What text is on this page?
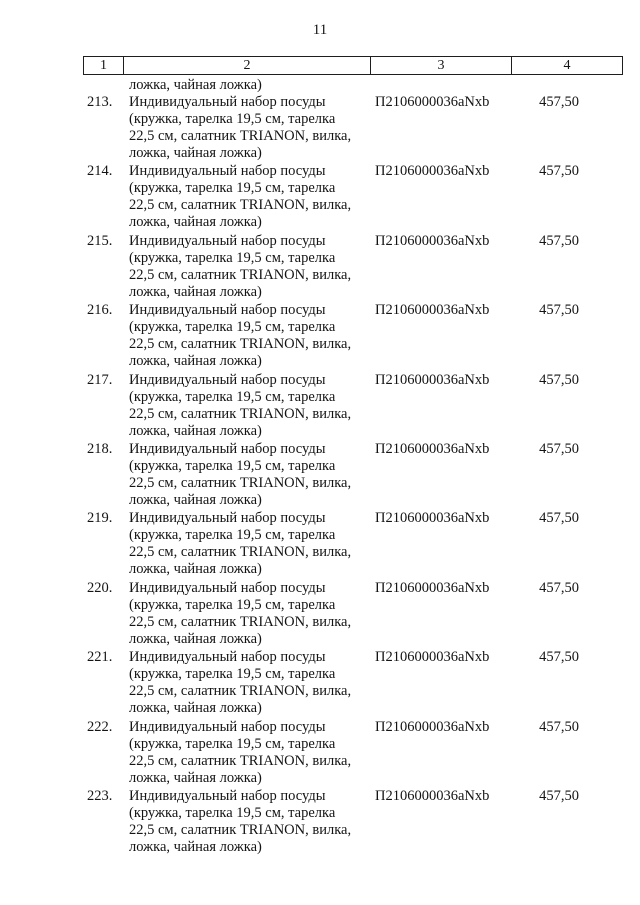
11
1	2	3	4
ложка, чайная ложка)
213. Индивидуальный набор посуды
(кружка, тарелка 19,5 см, тарелка
22,5 см, салатник TRIANON, вилка,
ложка, чайная ложка)
П2106000036aNxb	457,50
214. Индивидуальный набор посуды
(кружка, тарелка 19,5 см, тарелка
22,5 см, салатник TRIANON, вилка,
ложка, чайная ложка)
П2106000036aNxb	457,50
215. Индивидуальный набор посуды
(кружка, тарелка 19,5 см, тарелка
22,5 см, салатник TRIANON, вилка,
ложка, чайная ложка)
П2106000036aNxb	457,50
216. Индивидуальный набор посуды
(кружка, тарелка 19,5 см, тарелка
22,5 см, салатник TRIANON, вилка,
ложка, чайная ложка)
П2106000036aNxb	457,50
217. Индивидуальный набор посуды
(кружка, тарелка 19,5 см, тарелка
22,5 см, салатник TRIANON, вилка,
ложка, чайная ложка)
П2106000036aNxb	457,50
218. Индивидуальный набор посуды
(кружка, тарелка 19,5 см, тарелка
22,5 см, салатник TRIANON, вилка,
ложка, чайная ложка)
П2106000036aNxb	457,50
219. Индивидуальный набор посуды
(кружка, тарелка 19,5 см, тарелка
22,5 см, салатник TRIANON, вилка,
ложка, чайная ложка)
П2106000036aNxb	457,50
220. Индивидуальный набор посуды
(кружка, тарелка 19,5 см, тарелка
22,5 см, салатник TRIANON, вилка,
ложка, чайная ложка)
П2106000036aNxb	457,50
221. Индивидуальный набор посуды
(кружка, тарелка 19,5 см, тарелка
22,5 см, салатник TRIANON, вилка,
ложка, чайная ложка)
П2106000036aNxb	457,50
222. Индивидуальный набор посуды
(кружка, тарелка 19,5 см, тарелка
22,5 см, салатник TRIANON, вилка,
ложка, чайная ложка)
П2106000036aNxb	457,50
223. Индивидуальный набор посуды
(кружка, тарелка 19,5 см, тарелка
22,5 см, салатник TRIANON, вилка,
ложка, чайная ложка)
П2106000036aNxb	457,50
